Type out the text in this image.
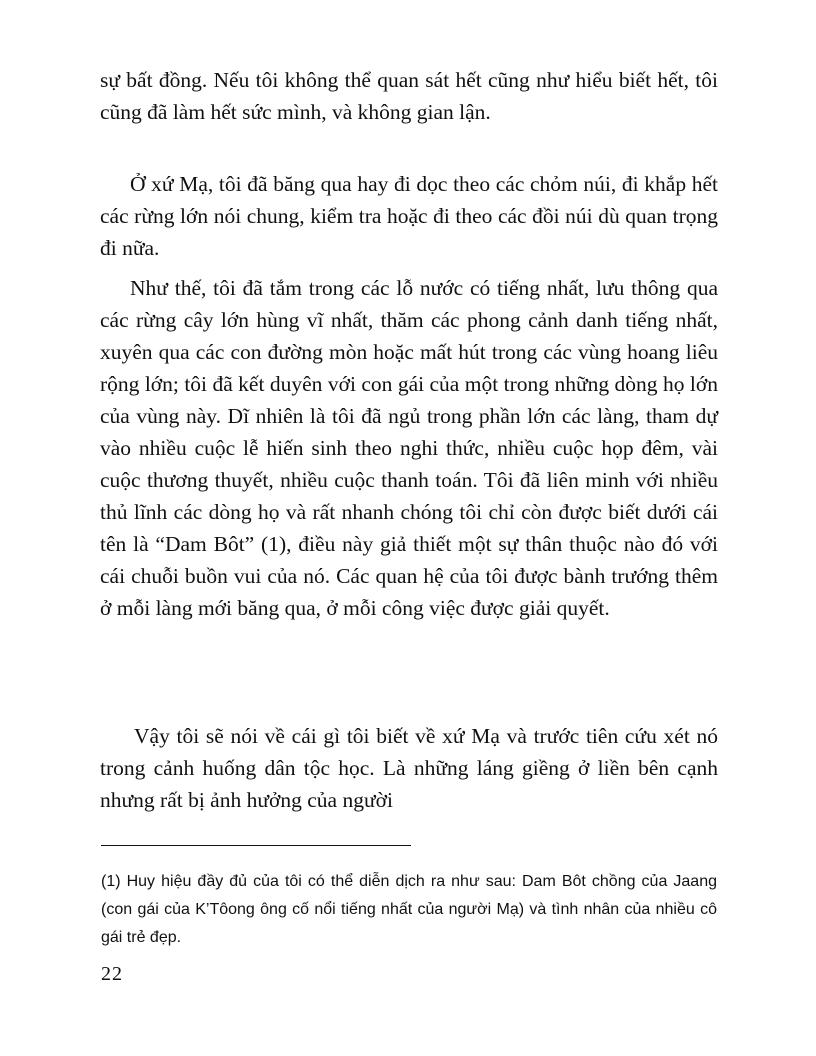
sự bất đồng. Nếu tôi không thể quan sát hết cũng như hiểu biết hết, tôi cũng đã làm hết sức mình, và không gian lận.

Ở xứ Mạ, tôi đã băng qua hay đi dọc theo các chỏm núi, đi khắp hết các rừng lớn nói chung, kiểm tra hoặc đi theo các đồi núi dù quan trọng đi nữa.

Như thế, tôi đã tắm trong các lỗ nước có tiếng nhất, lưu thông qua các rừng cây lớn hùng vĩ nhất, thăm các phong cảnh danh tiếng nhất, xuyên qua các con đường mòn hoặc mất hút trong các vùng hoang liêu rộng lớn; tôi đã kết duyên với con gái của một trong những dòng họ lớn của vùng này. Dĩ nhiên là tôi đã ngủ trong phần lớn các làng, tham dự vào nhiều cuộc lễ hiến sinh theo nghi thức, nhiều cuộc họp đêm, vài cuộc thương thuyết, nhiều cuộc thanh toán. Tôi đã liên minh với nhiều thủ lĩnh các dòng họ và rất nhanh chóng tôi chỉ còn được biết dưới cái tên là “Dam Bôt” (1), điều này giả thiết một sự thân thuộc nào đó với cái chuỗi buồn vui của nó. Các quan hệ của tôi được bành trướng thêm ở mỗi làng mới băng qua, ở mỗi công việc được giải quyết.

Vậy tôi sẽ nói về cái gì tôi biết về xứ Mạ và trước tiên cứu xét nó trong cảnh huống dân tộc học. Là những láng giềng ở liền bên cạnh nhưng rất bị ảnh hưởng của người

(1) Huy hiệu đầy đủ của tôi có thể diễn dịch ra như sau: Dam Bôt chồng của Jaang (con gái của K’Tôong ông cố nổi tiếng nhất của người Mạ) và tình nhân của nhiều cô gái trẻ đẹp.

22
